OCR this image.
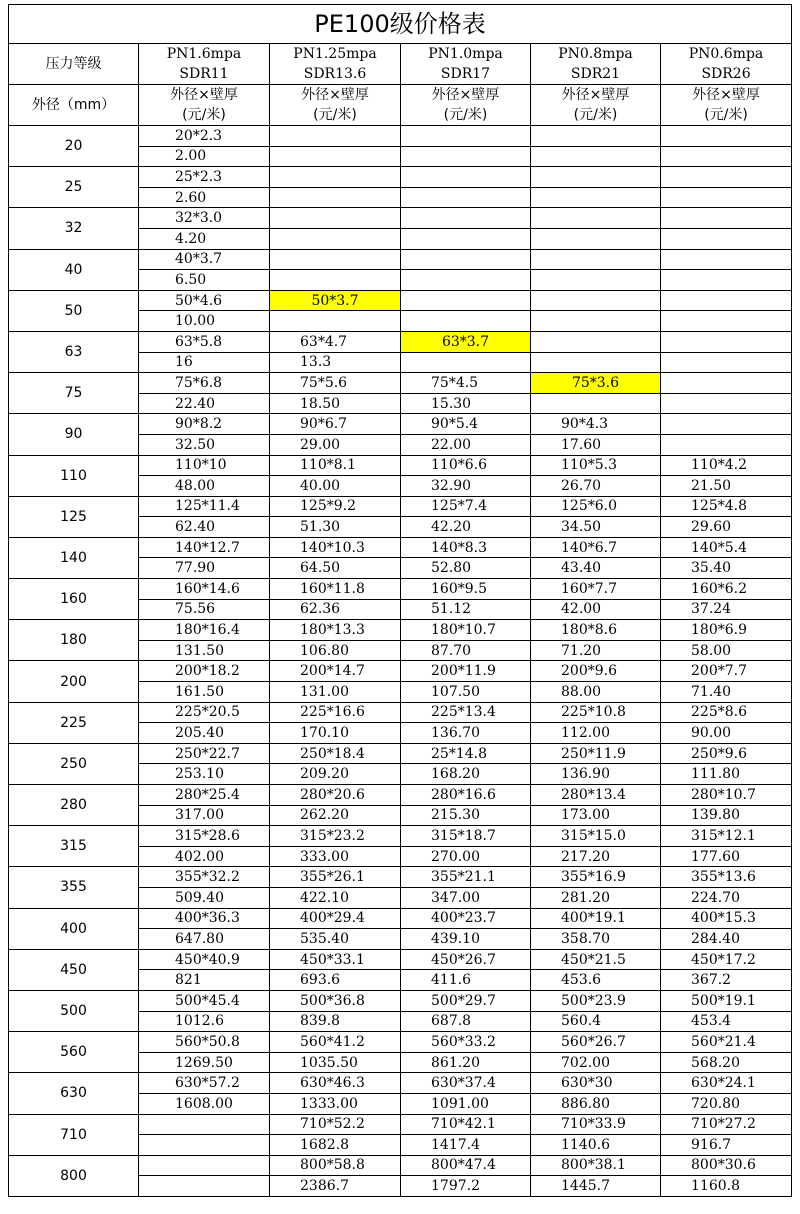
PE100级价格表					
压力等级	PN1.6mpa	PN1.25mpa	PN1.0mpa	PN0.8mpa	PN0.6mpa
	SDR11	SDR13.6	SDR17	SDR21	SDR26
外径（mm）	外径×壁厚	外径×壁厚	外径×壁厚	外径×壁厚	外径×壁厚
	(元/米)	(元/米)	(元/米)	(元/米)	(元/米)
20	20*2.3				
	2.00				
25	25*2.3				
	2.60				
32	32*3.0				
	4.20				
40	40*3.7				
	6.50				
50	50*4.6	50*3.7			
	10.00				
63	63*5.8	63*4.7	63*3.7		
	16	13.3			
75	75*6.8	75*5.6	75*4.5	75*3.6	
	22.40	18.50	15.30		
90	90*8.2	90*6.7	90*5.4	90*4.3	
	32.50	29.00	22.00	17.60	
110	110*10	110*8.1	110*6.6	110*5.3	110*4.2
	48.00	40.00	32.90	26.70	21.50
125	125*11.4	125*9.2	125*7.4	125*6.0	125*4.8
	62.40	51.30	42.20	34.50	29.60
140	140*12.7	140*10.3	140*8.3	140*6.7	140*5.4
	77.90	64.50	52.80	43.40	35.40
160	160*14.6	160*11.8	160*9.5	160*7.7	160*6.2
	75.56	62.36	51.12	42.00	37.24
180	180*16.4	180*13.3	180*10.7	180*8.6	180*6.9
	131.50	106.80	87.70	71.20	58.00
200	200*18.2	200*14.7	200*11.9	200*9.6	200*7.7
	161.50	131.00	107.50	88.00	71.40
225	225*20.5	225*16.6	225*13.4	225*10.8	225*8.6
	205.40	170.10	136.70	112.00	90.00
250	250*22.7	250*18.4	25*14.8	250*11.9	250*9.6
	253.10	209.20	168.20	136.90	111.80
280	280*25.4	280*20.6	280*16.6	280*13.4	280*10.7
	317.00	262.20	215.30	173.00	139.80
315	315*28.6	315*23.2	315*18.7	315*15.0	315*12.1
	402.00	333.00	270.00	217.20	177.60
355	355*32.2	355*26.1	355*21.1	355*16.9	355*13.6
	509.40	422.10	347.00	281.20	224.70
400	400*36.3	400*29.4	400*23.7	400*19.1	400*15.3
	647.80	535.40	439.10	358.70	284.40
450	450*40.9	450*33.1	450*26.7	450*21.5	450*17.2
	821	693.6	411.6	453.6	367.2
500	500*45.4	500*36.8	500*29.7	500*23.9	500*19.1
	1012.6	839.8	687.8	560.4	453.4
560	560*50.8	560*41.2	560*33.2	560*26.7	560*21.4
	1269.50	1035.50	861.20	702.00	568.20
630	630*57.2	630*46.3	630*37.4	630*30	630*24.1
	1608.00	1333.00	1091.00	886.80	720.80
710		710*52.2	710*42.1	710*33.9	710*27.2
		1682.8	1417.4	1140.6	916.7
800		800*58.8	800*47.4	800*38.1	800*30.6
		2386.7	1797.2	1445.7	1160.8
